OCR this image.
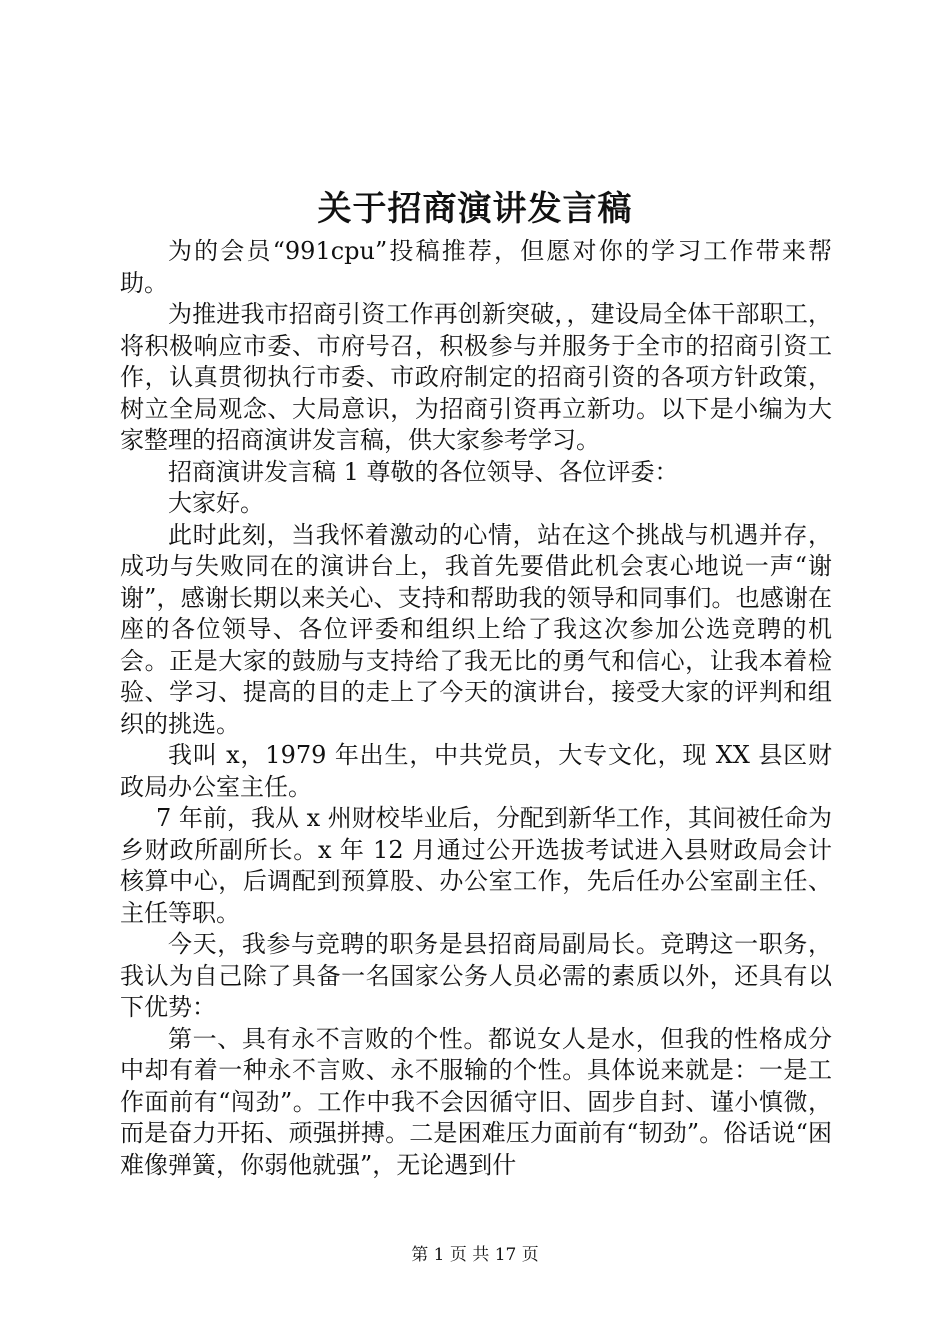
关于招商演讲发言稿

为的会员“991cpu”投稿推荐，但愿对你的学习工作带来帮助。

为推进我市招商引资工作再创新突破，，建设局全体干部职工，将积极响应市委、市府号召，积极参与并服务于全市的招商引资工作，认真贯彻执行市委、市政府制定的招商引资的各项方针政策，树立全局观念、大局意识，为招商引资再立新功。以下是小编为大家整理的招商演讲发言稿，供大家参考学习。

招商演讲发言稿 1 尊敬的各位领导、各位评委：

大家好。

此时此刻，当我怀着激动的心情，站在这个挑战与机遇并存，成功与失败同在的演讲台上，我首先要借此机会衷心地说一声“谢谢”，感谢长期以来关心、支持和帮助我的领导和同事们。也感谢在座的各位领导、各位评委和组织上给了我这次参加公选竞聘的机会。正是大家的鼓励与支持给了我无比的勇气和信心，让我本着检验、学习、提高的目的走上了今天的演讲台，接受大家的评判和组织的挑选。

我叫 x，1979 年出生，中共党员，大专文化，现 XX 县区财政局办公室主任。

7 年前，我从 x 州财校毕业后，分配到新华工作，其间被任命为乡财政所副所长。x 年 12 月通过公开选拔考试进入县财政局会计核算中心，后调配到预算股、办公室工作，先后任办公室副主任、主任等职。

今天，我参与竞聘的职务是县招商局副局长。竞聘这一职务，我认为自己除了具备一名国家公务人员必需的素质以外，还具有以下优势：

第一、具有永不言败的个性。都说女人是水，但我的性格成分中却有着一种永不言败、永不服输的个性。具体说来就是：一是工作面前有“闯劲”。工作中我不会因循守旧、固步自封、谨小慎微，而是奋力开拓、顽强拼搏。二是困难压力面前有“韧劲”。俗话说“困难像弹簧，你弱他就强”，无论遇到什

第 1 页 共 17 页
